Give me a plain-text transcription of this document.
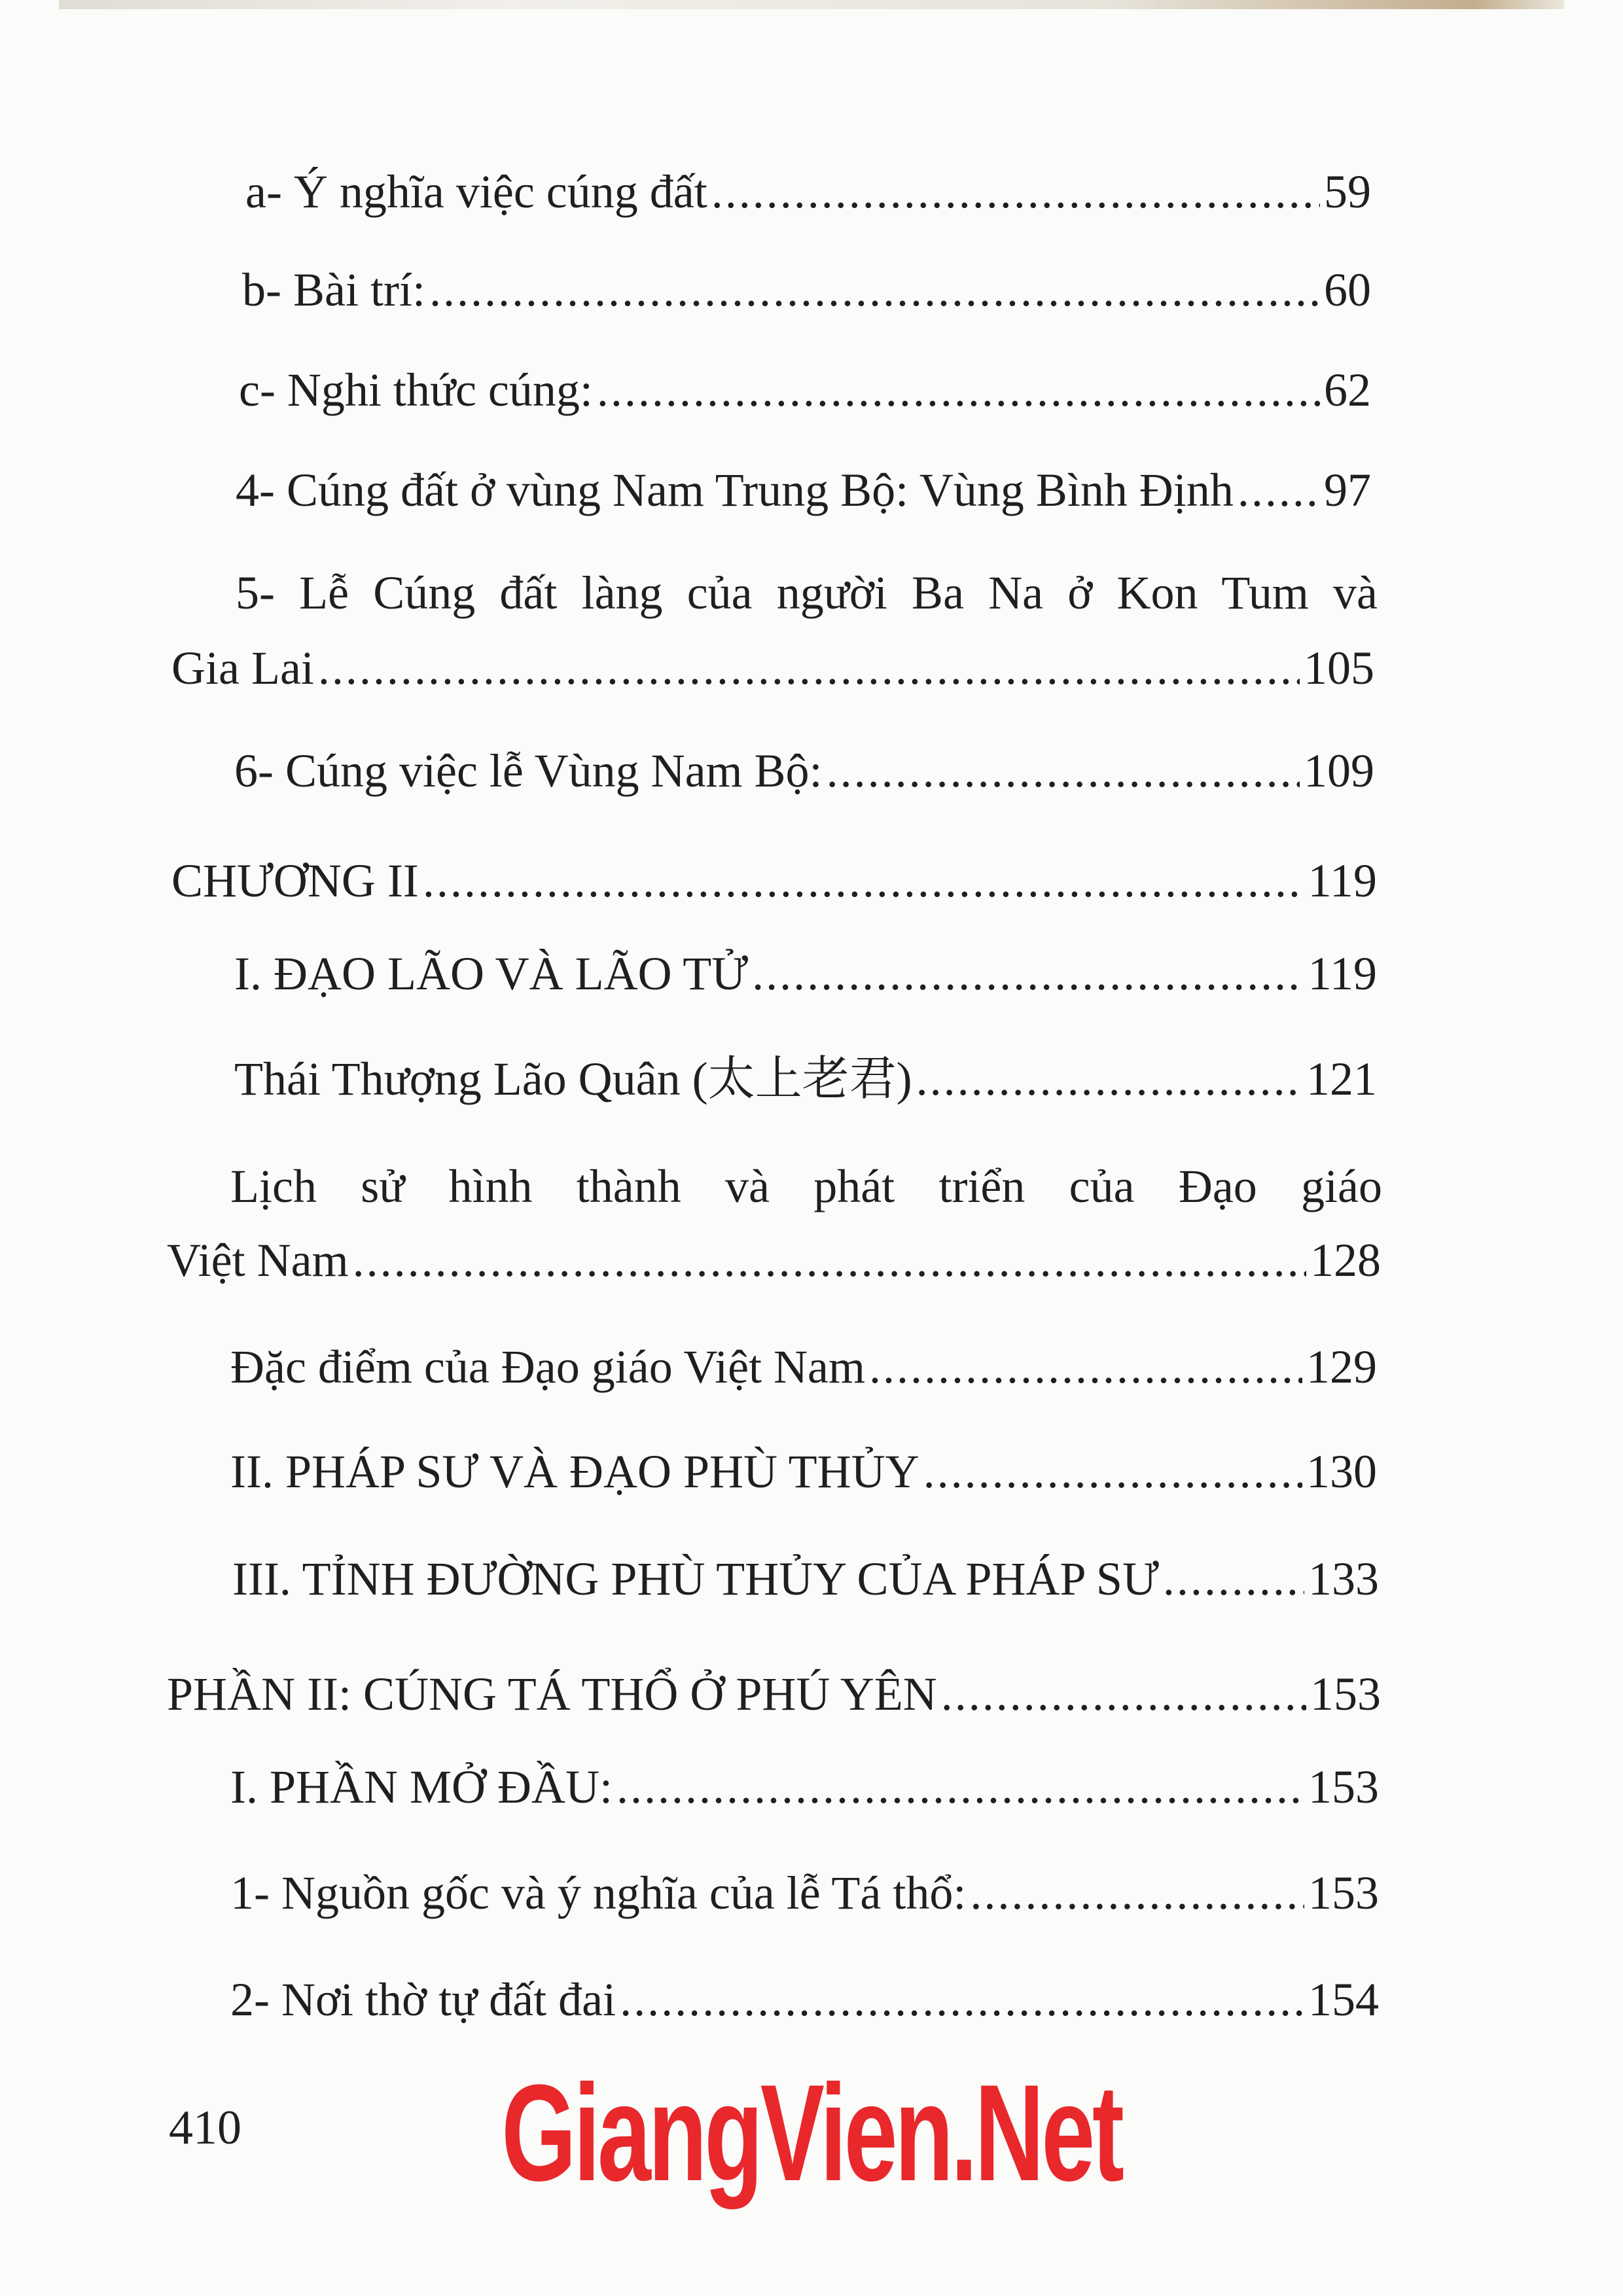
a- Ý nghĩa việc cúng đất .....	59
b- Bài trí: .....	60
c- Nghi thức cúng: .....	62
4- Cúng đất ở vùng Nam Trung Bộ: Vùng Bình Định ..... 97
5- Lễ Cúng đất làng của người Ba Na ở Kon Tum và
Gia Lai .....	105
6- Cúng việc lễ Vùng Nam Bộ: .....	109
CHƯƠNG II .....	119
I. ĐẠO LÃO VÀ LÃO TỬ .....	119
Thái Thượng Lão Quân (太上老君) .....	121
Lịch sử hình thành và phát triển của Đạo giáo
Việt Nam .....	128
Đặc điểm của Đạo giáo Việt Nam .....	129
II. PHÁP SƯ VÀ ĐẠO PHÙ THỦY .....	130
III. TỈNH ĐƯỜNG PHÙ THỦY CỦA PHÁP SƯ .....	133
PHẦN II: CÚNG TÁ THỔ Ở PHÚ YÊN .....	153
I. PHẦN MỞ ĐẦU: .....	153
1- Nguồn gốc và ý nghĩa của lễ Tá thổ: .....	153
2- Nơi thờ tự đất đai .....	154
410 GiangVien.Net
